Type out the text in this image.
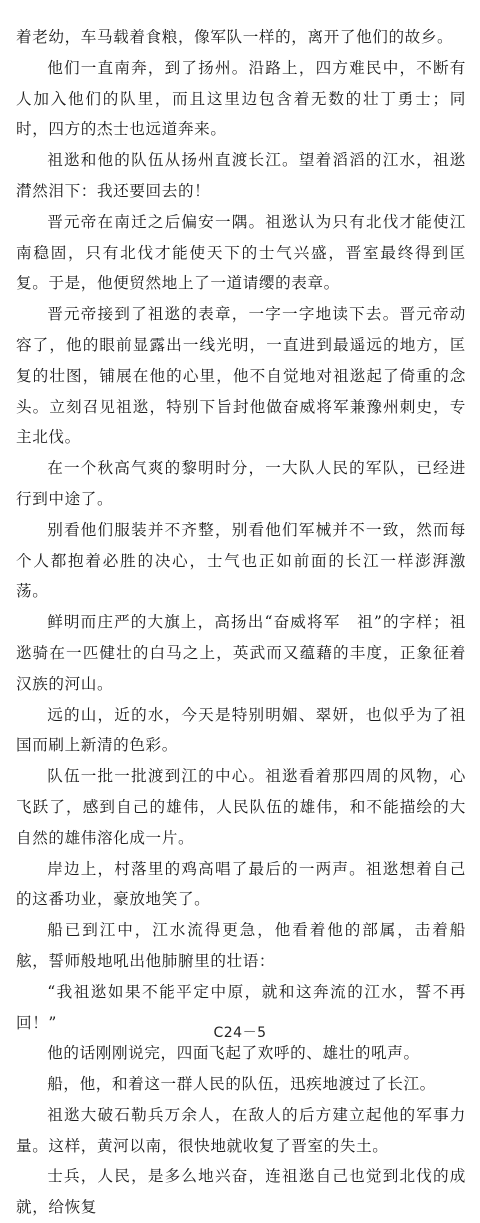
着老幼，车马载着食粮，像军队一样的，离开了他们的故乡。

他们一直南奔，到了扬州。沿路上，四方难民中，不断有人加入他们的队里，而且这里边包含着无数的壮丁勇士；同时，四方的杰士也远道奔来。

祖逖和他的队伍从扬州直渡长江。望着滔滔的江水，祖逖潸然泪下：我还要回去的！

晋元帝在南迁之后偏安一隅。祖逖认为只有北伐才能使江南稳固，只有北伐才能使天下的士气兴盛，晋室最终得到匡复。于是，他便贸然地上了一道请缨的表章。

晋元帝接到了祖逖的表章，一字一字地读下去。晋元帝动容了，他的眼前显露出一线光明，一直进到最遥远的地方，匡复的壮图，铺展在他的心里，他不自觉地对祖逖起了倚重的念头。立刻召见祖逖，特别下旨封他做奋威将军兼豫州刺史，专主北伐。

在一个秋高气爽的黎明时分，一大队人民的军队，已经进行到中途了。

别看他们服装并不齐整，别看他们军械并不一致，然而每个人都抱着必胜的决心，士气也正如前面的长江一样澎湃激荡。

鲜明而庄严的大旗上，高扬出“奋威将军　祖”的字样；祖逖骑在一匹健壮的白马之上，英武而又蕴藉的丰度，正象征着汉族的河山。

远的山，近的水，今天是特别明媚、翠妍，也似乎为了祖国而刷上新清的色彩。

队伍一批一批渡到江的中心。祖逖看着那四周的风物，心飞跃了，感到自己的雄伟，人民队伍的雄伟，和不能描绘的大自然的雄伟溶化成一片。

岸边上，村落里的鸡高唱了最后的一两声。祖逖想着自己的这番功业，豪放地笑了。

船已到江中，江水流得更急，他看着他的部属，击着船舷，誓师般地吼出他肺腑里的壮语：

“我祖逖如果不能平定中原，就和这奔流的江水，誓不再回！”

他的话刚刚说完，四面飞起了欢呼的、雄壮的吼声。

船，他，和着这一群人民的队伍，迅疾地渡过了长江。

祖逖大破石勒兵万余人，在敌人的后方建立起他的军事力量。这样，黄河以南，很快地就收复了晋室的失土。

士兵，人民，是多么地兴奋，连祖逖自己也觉到北伐的成就，给恢复

C24－5
